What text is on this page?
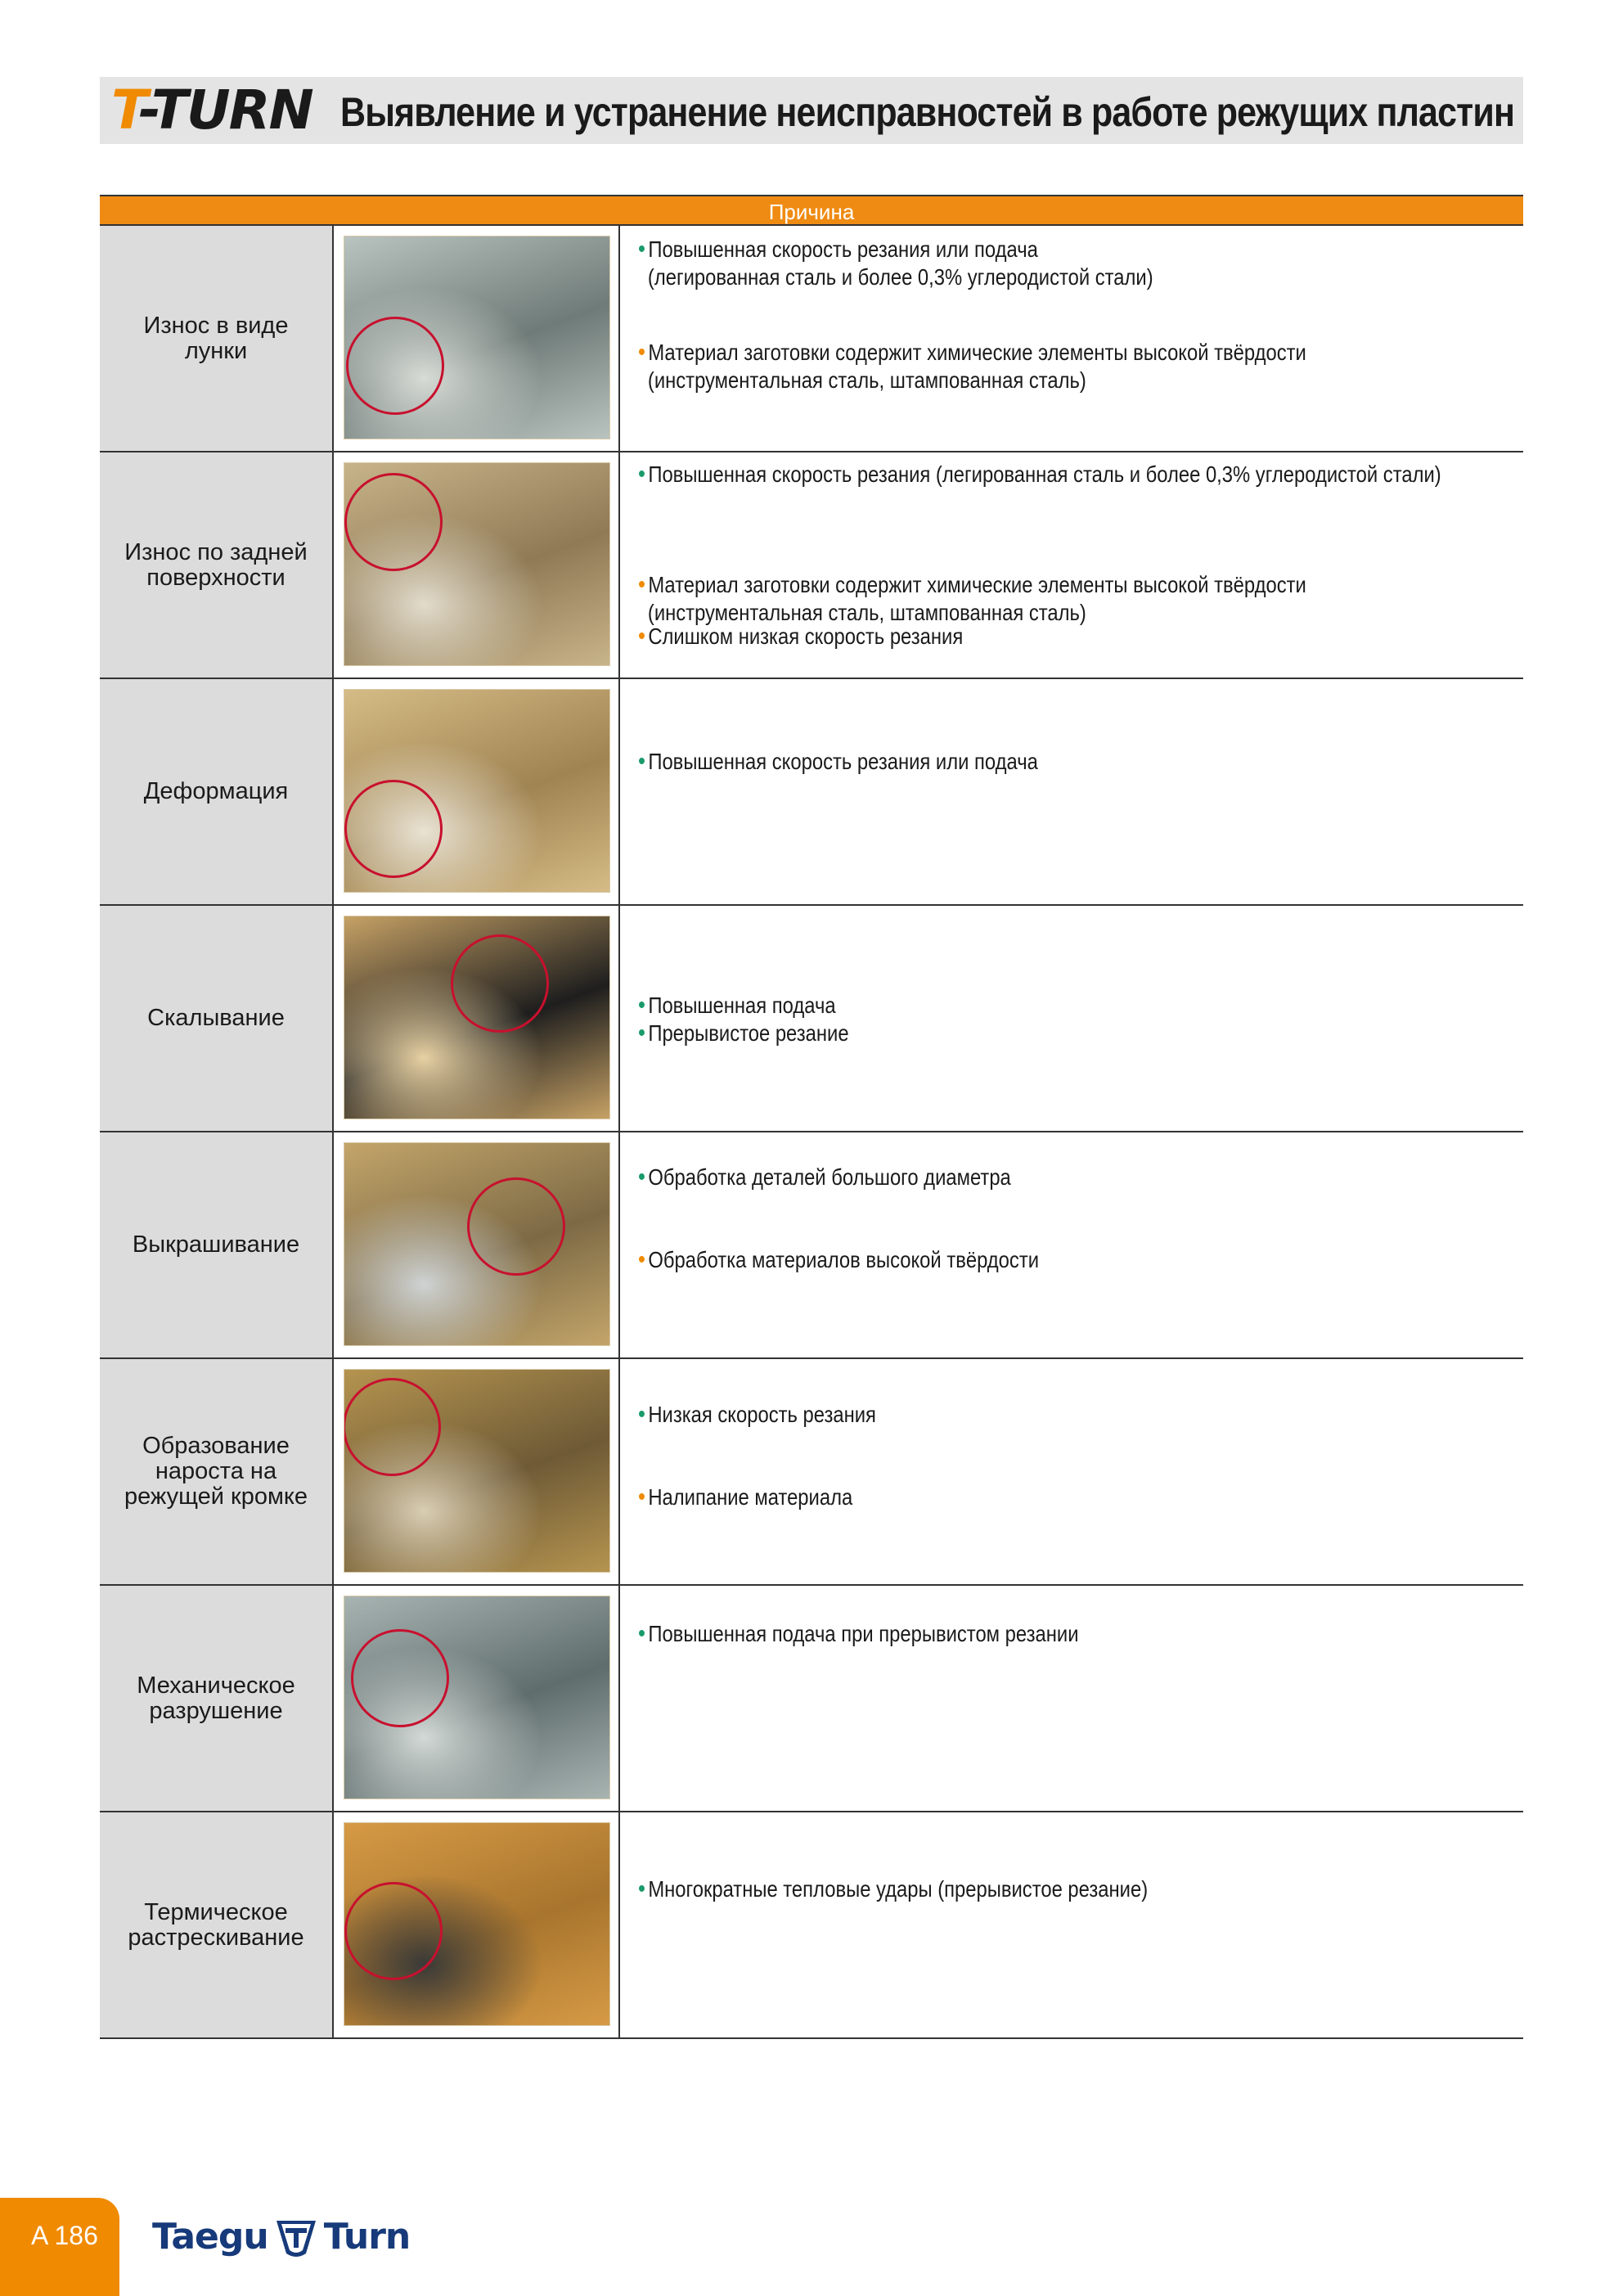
T-TURN Выявление и устранение неисправностей в работе режущих пластин
Причина
Износ в виде
лунки
• Повышенная скорость резания или подача
(легированная сталь и более 0,3% углеродистой стали)
• Материал заготовки содержит химические элементы высокой твёрдости
(инструментальная сталь, штампованная сталь)
Износ по задней
поверхности
• Повышенная скорость резания (легированная сталь и более 0,3% углеродистой стали)
• Материал заготовки содержит химические элементы высокой твёрдости
(инструментальная сталь, штампованная сталь)
• Слишком низкая скорость резания
Деформация
• Повышенная скорость резания или подача
Скалывание	• Повышенная подача
• Прерывистое резание
Выкрашивание
• Обработка деталей большого диаметра
• Обработка материалов высокой твёрдости
Образование
нароста на
режущей кромке
• Низкая скорость резания
• Налипание материала
Механическое
разрушение
• Повышенная подача при прерывистом резании
Термическое
растрескивание
• Многократные тепловые удары (прерывистое резание)
A 186 Taegu Turn
